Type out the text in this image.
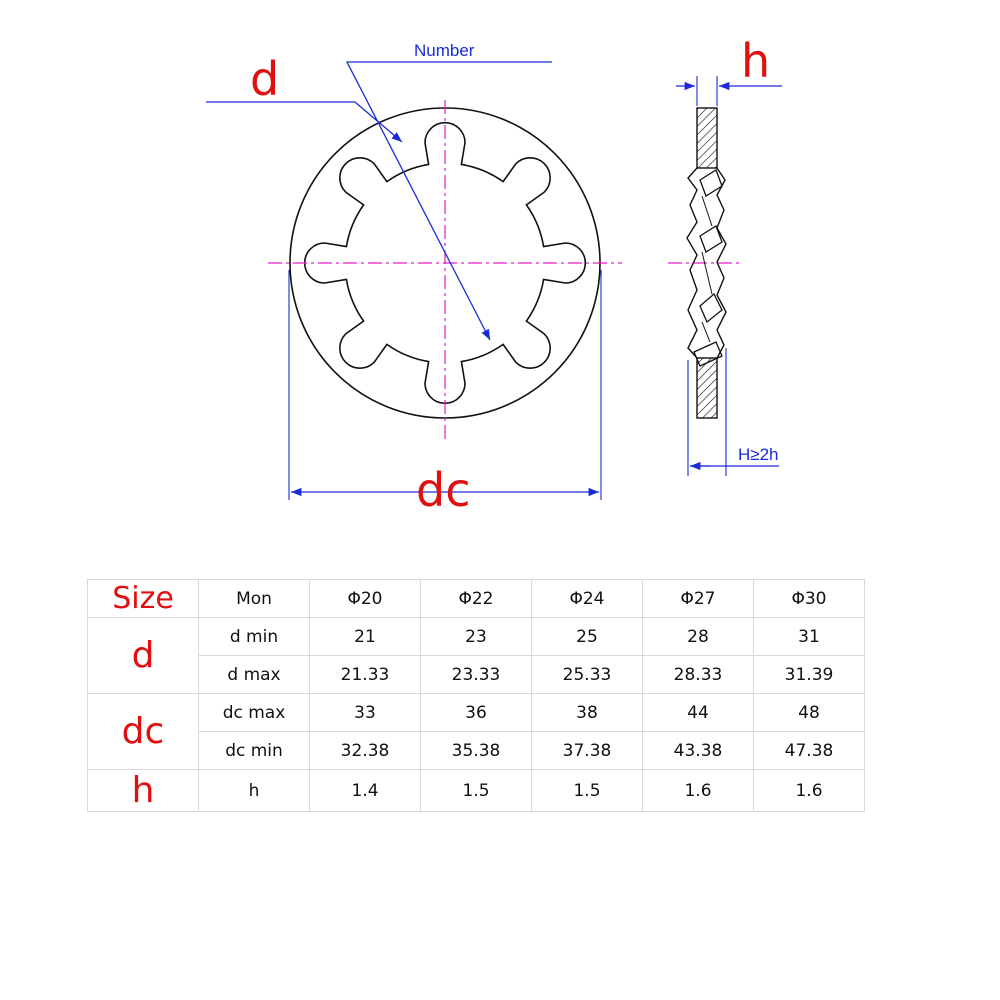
Number
H≥2h
d	h
dc
Size	Mon	Φ20	Φ22	Φ24	Φ27	Φ30
d	d min	21	23	25	28	31
	d max	21.33	23.33	25.33	28.33	31.39
dc	dc max	33	36	38	44	48
	dc min	32.38	35.38	37.38	43.38	47.38
h	h	1.4	1.5	1.5	1.6	1.6
